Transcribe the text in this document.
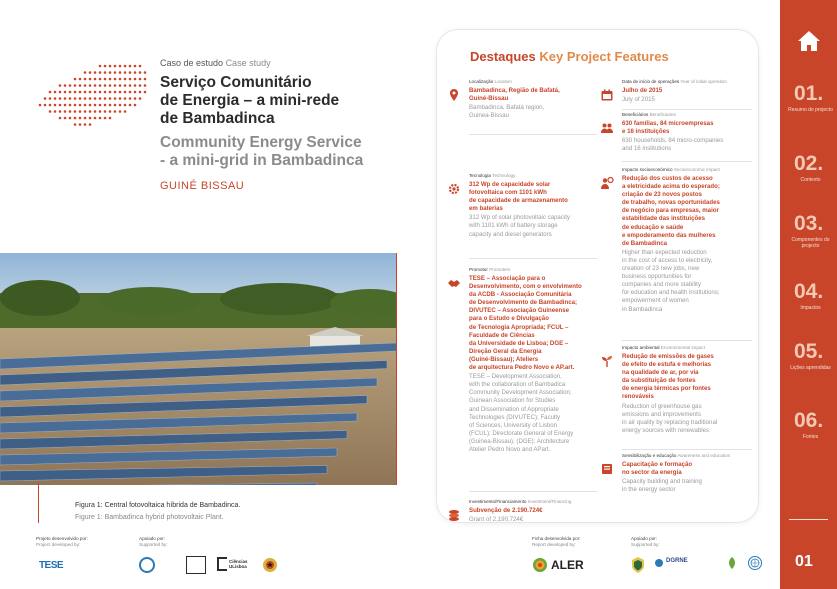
Caso de estudo Case study
Serviço Comunitário
de Energia – a mini-rede
de Bambadinca
Community Energy Service
- a mini-grid in Bambadinca
GUINÉ BISSAU
Figura 1: Central fotovoltaica híbrida de Bambadinca.
Figure 1: Bambadinca hybrid photovoltaic Plant.
Destaques Key Project Features
Localização Location
Bambadinca, Região de Bafatá,
Guiné-Bissau
Bambadinca, Bafatá region,
Guinea-Bissau
Tecnologia Technology
312 Wp de capacidade solar
fotovoltaica com 1101 kWh
de capacidade de armazenamento
em baterias
312 Wp of solar photovoltaic capacity
with 1101 kWh of battery storage
capacity and diesel generators
Promotor Promoters
TESE – Associação para o
Desenvolvimento, com o envolvimento
da ACDB - Associação Comunitária
de Desenvolvimento de Bambadinca;
DIVUTEC – Associação Guineense
para o Estudo e Divulgação
de Tecnologia Apropriada; FCUL –
Faculdade de Ciências
da Universidade de Lisboa; DGE –
Direção Geral da Energia
(Guiné-Bissau); Ateliers
de arquitectura Pedro Novo e AP.art.
TESE – Development Association,
with the collaboration of Bambadica
Community Development Association;
Guinean Association for Studies
and Dissemination of Appropriate
Technologies (DIVUTEC); Faculty
of Sciences, University of Lisbon
(FCUL); Directorate General of Energy
(Guinea-Bissau), (DGE); Architecture
Atelier Pedro Novo and APart.
Investimento/Financiamento Investment/Financing
Subvenção de 2.190.724€
Grant of 2,190,724€
Data de início de operações Year of initial operation
Julho de 2015
July of 2015
Beneficiários Beneficiaries
630 famílias, 84 microempresas
e 16 instituições
630 households, 84 micro-companies
and 16 institutions
Impacto socioeconómico Socioeconomic impact
Redução dos custos de acesso
a eletricidade acima do esperado;
criação de 23 novos postos
de trabalho, novas oportunidades
de negócio para empresas, maior
estabilidade das instituições
de educação e saúde
e empoderamento das mulheres
de Bambadinca
Higher than expected reduction
in the cost of access to electricity,
creation of 23 new jobs, new
business opportunities for
companies and more stability
for education and health institutions;
empowerment of women
in Bambadinca
Impacto ambiental Environmental impact
Redução de emissões de gases
de efeito de estufa e melhorias
na qualidade de ar, por via
da substituição de fontes
de energia térmicas por fontes
renováveis
Reduction of greenhouse gas
emissions and improvements
in air quality by replacing traditional
energy sources with renewables
Sensibilização e educação Awareness and education
Capacitação e formação
no sector da energia
Capacity building and training
in the energy sector
Projeto desenvolvido por:
Project developed by:
TESE
Apoiado por:
Supported by:
Ciências ULisboa
Ficha desenvolvida por:
Report developed by:
ALER
Apoiado por:
Supported by:
DGRNE
01.
Resumo do projecto
02.
Contexto
03.
Componentes do projecto
04.
Impactos
05.
Lições aprendidas
06.
Fontes
01
